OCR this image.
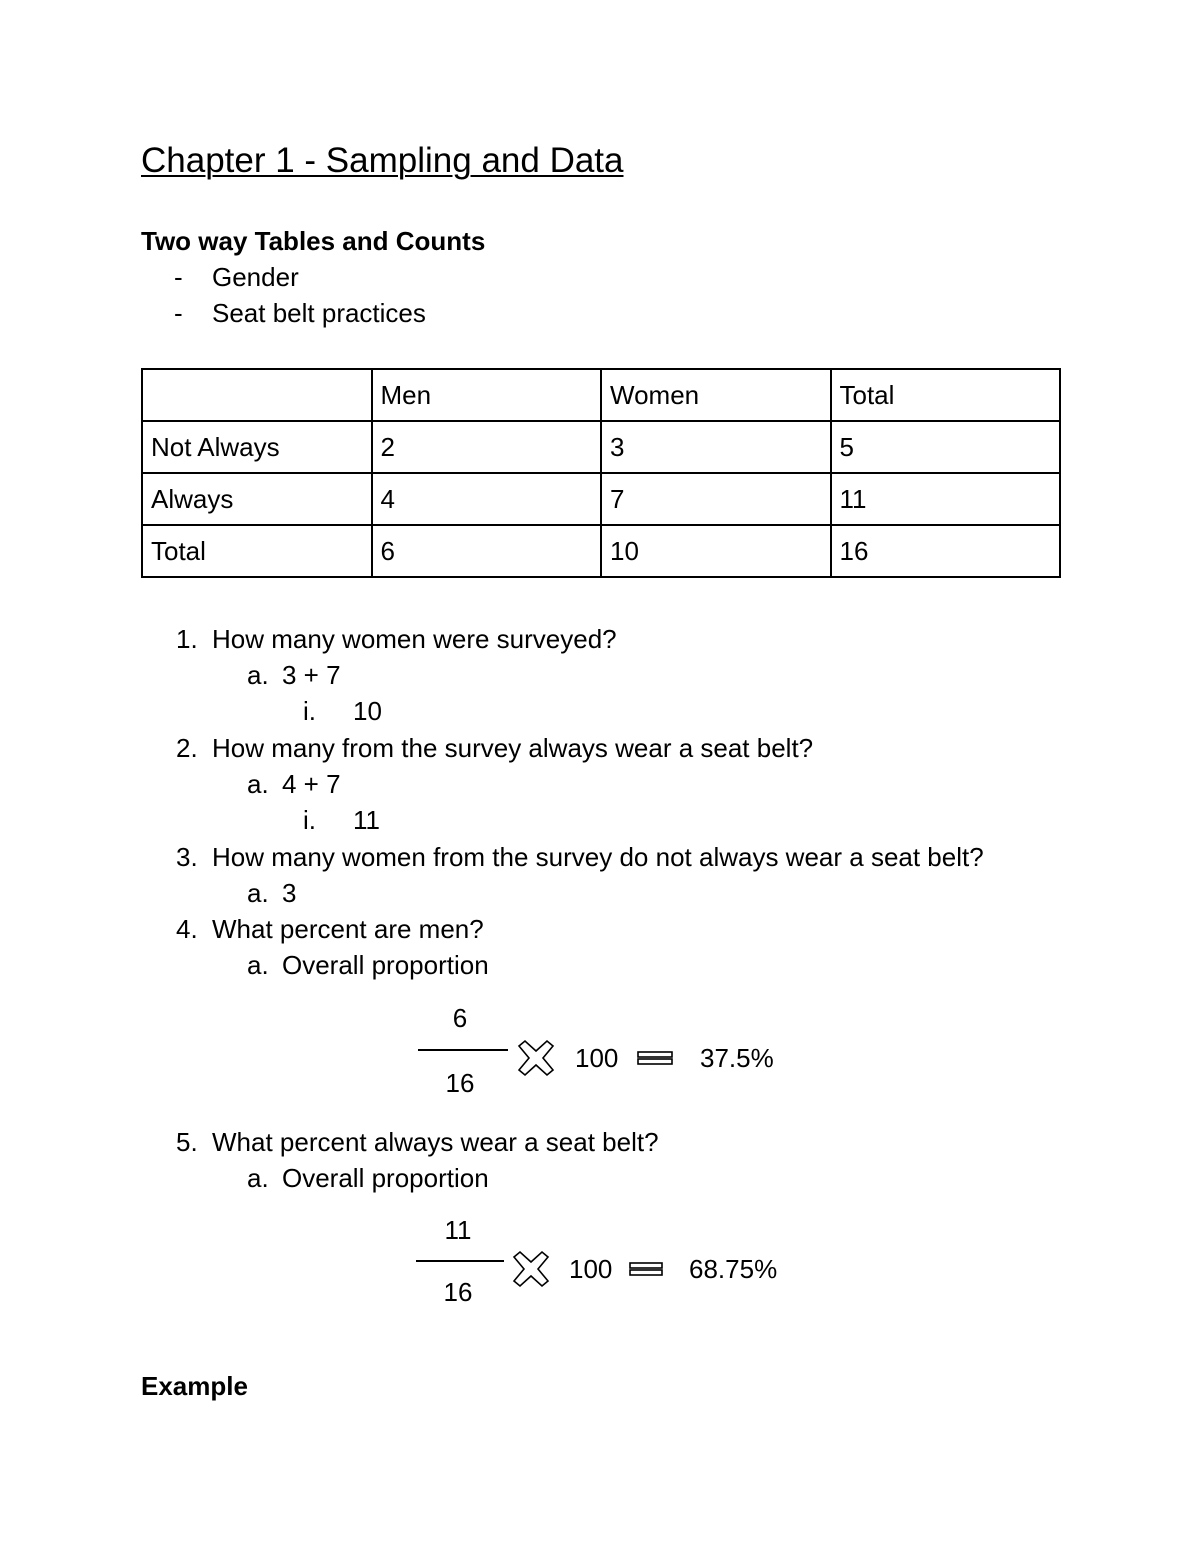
Chapter 1 - Sampling and Data
Two way Tables and Counts
- Gender
- Seat belt practices
	Men	Women	Total
Not Always	2	3	5
Always	4	7	11
Total	6	10	16
1. How many women were surveyed?
a. 3 + 7
i. 10
2. How many from the survey always wear a seat belt?
a. 4 + 7
i. 11
3. How many women from the survey do not always wear a seat belt?
a. 3
4. What percent are men?
a. Overall proportion
6
16
100	37.5%
5. What percent always wear a seat belt?
a. Overall proportion
11
16
100	68.75%
Example
